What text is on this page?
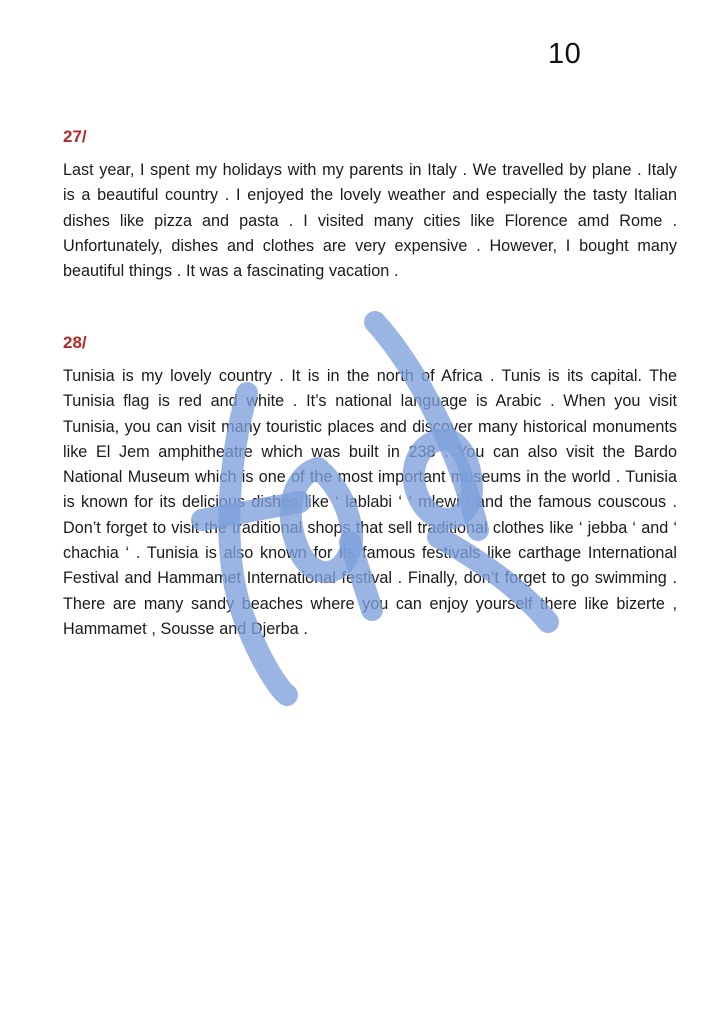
10
27/
Last year, I spent my holidays with my parents in Italy . We travelled by plane . Italy is a beautiful country . I enjoyed the lovely weather and especially the tasty Italian dishes like pizza and pasta . I visited many cities like Florence amd Rome . Unfortunately, dishes and clothes are very expensive . However, I bought many beautiful things . It was a fascinating vacation .
28/
Tunisia is my lovely country . It is in the north of Africa . Tunis is its capital. The Tunisia flag is red and white . It’s national language is Arabic . When you visit Tunisia, you can visit many touristic places and discover many historical monuments like El Jem amphitheatre which was built in 238 . You can also visit the Bardo National Museum which is one of the most important museums in the world . Tunisia is known for its delicious dishes like ‘ lablabi ‘ ‘ mlewi ‘ and the famous couscous . Don’t forget to visit the traditional shops that sell traditional clothes like ‘ jebba ‘ and ‘ chachia ‘ . Tunisia is also known for its famous festivals like carthage International Festival and Hammamet International festival . Finally, don’t forget to go swimming . There are many sandy beaches where you can enjoy yourself there like bizerte , Hammamet , Sousse and Djerba .
